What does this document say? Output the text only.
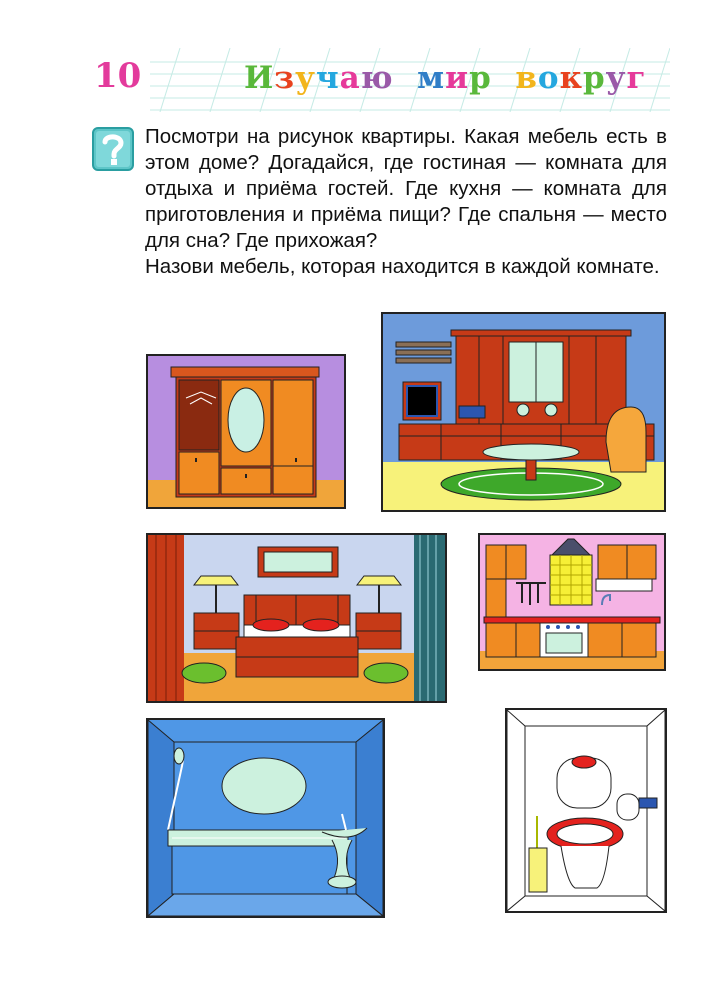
10	Изучаю мир вокруг

Посмотри на рисунок квартиры. Какая мебель есть в этом доме? Догадайся, где гостиная — комната для отдыха и приёма гостей. Где кухня — комната для приготовления и приёма пищи? Где спальня — место для сна? Где прихожая?

Назови мебель, которая находится в каждой комнате.
